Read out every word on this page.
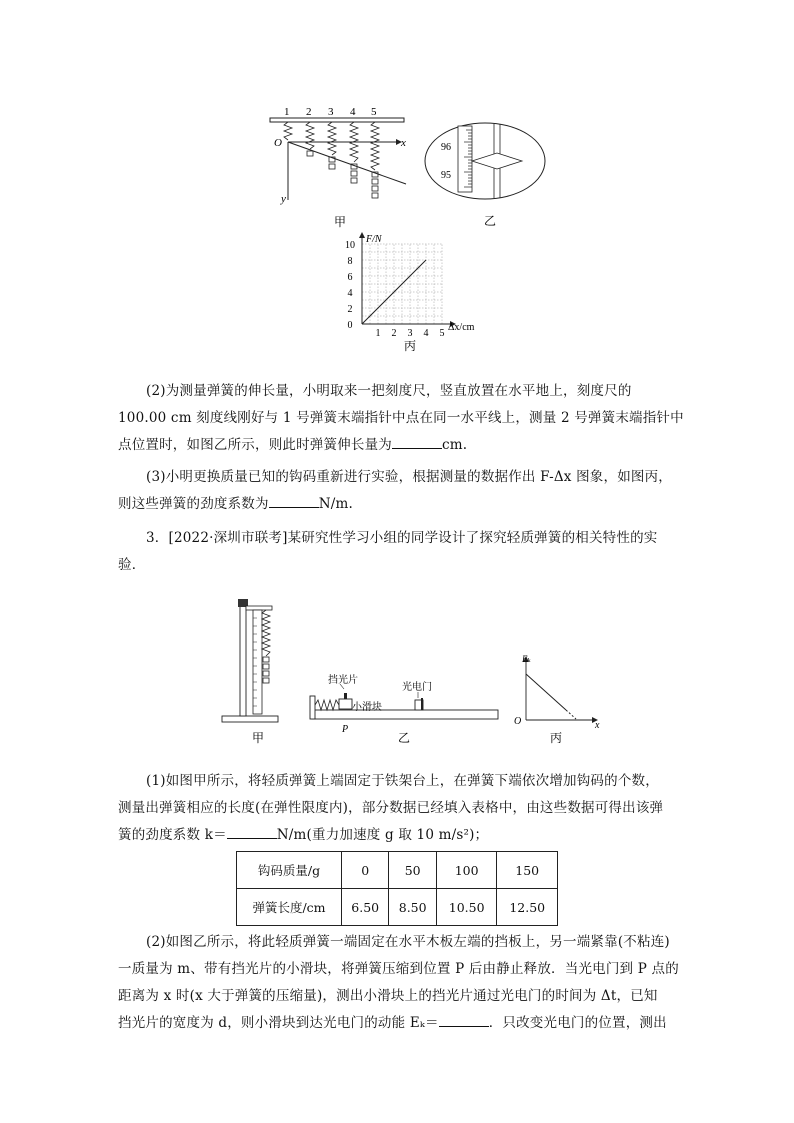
1 2 3 4 5
O	x
y
甲
96
95
乙
F/N
Δx/cm
10
8
6
4
2
0
1 2 3 4 5
丙
(2)为测量弹簧的伸长量，小明取来一把刻度尺，竖直放置在水平地上，刻度尺的
100.00 cm 刻度线刚好与 1 号弹簧末端指针中点在同一水平线上，测量 2 号弹簧末端指针中
点位置时，如图乙所示，则此时弹簧伸长量为	cm.
(3)小明更换质量已知的钩码重新进行实验，根据测量的数据作出 F-Δx 图象，如图丙，
则这些弹簧的劲度系数为	N/m.
3．[2022·深圳市联考]某研究性学习小组的同学设计了探究轻质弹簧的相关特性的实
验．
甲
挡光片
光电门
小滑块
P
乙
Eₖ
O	x
丙
(1)如图甲所示，将轻质弹簧上端固定于铁架台上，在弹簧下端依次增加钩码的个数，
测量出弹簧相应的长度(在弹性限度内)，部分数据已经填入表格中，由这些数据可得出该弹
簧的劲度系数 k＝	N/m(重力加速度 g 取 10 m/s²)；
钩码质量/g	0	50	100	150
弹簧长度/cm	6.50	8.50	10.50	12.50
(2)如图乙所示，将此轻质弹簧一端固定在水平木板左端的挡板上，另一端紧靠(不粘连)
一质量为 m、带有挡光片的小滑块，将弹簧压缩到位置 P 后由静止释放．当光电门到 P 点的
距离为 x 时(x 大于弹簧的压缩量)，测出小滑块上的挡光片通过光电门的时间为 Δt，已知
挡光片的宽度为 d，则小滑块到达光电门的动能 Eₖ＝	．只改变光电门的位置，测出
